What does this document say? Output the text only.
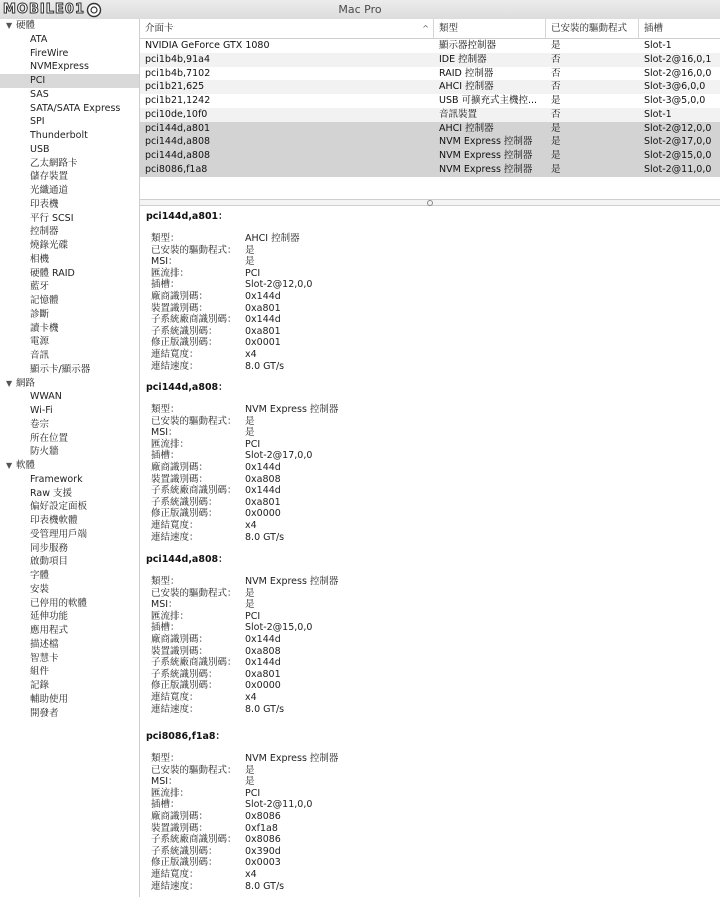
MOBILE01	Mac Pro
▼ 硬體
ATA
FireWire
NVMExpress
PCI
SAS
SATA/SATA Express
SPI
Thunderbolt
USB
乙太網路卡
儲存裝置
光纖通道
印表機
平行 SCSI
控制器
燒錄光碟
相機
硬體 RAID
藍牙
記憶體
診斷
讀卡機
電源
音訊
顯示卡/顯示器
▼ 網路
WWAN
Wi-Fi
卷宗
所在位置
防火牆
▼ 軟體
Framework
Raw 支援
偏好設定面板
印表機軟體
受管理用戶端
同步服務
啟動項目
字體
安裝
已停用的軟體
延伸功能
應用程式
描述檔
智慧卡
組件
記錄
輔助使用
開發者
介面卡	^	類型	已安裝的驅動程式	插槽
NVIDIA GeForce GTX 1080	顯示器控制器	是	Slot-1
pci1b4b,91a4	IDE 控制器	否	Slot-2@16,0,1
pci1b4b,7102	RAID 控制器	否	Slot-2@16,0,0
pci1b21,625	AHCI 控制器	否	Slot-3@6,0,0
pci1b21,1242	USB 可擴充式主機控...	是	Slot-3@5,0,0
pci10de,10f0	音訊裝置	否	Slot-1
pci144d,a801	AHCI 控制器	是	Slot-2@12,0,0
pci144d,a808	NVM Express 控制器	是	Slot-2@17,0,0
pci144d,a808	NVM Express 控制器	是	Slot-2@15,0,0
pci8086,f1a8	NVM Express 控制器	是	Slot-2@11,0,0
pci144d,a801：
類型：	AHCI 控制器
已安裝的驅動程式： 是
MSI：	是
匯流排：	PCI
插槽：	Slot-2@12,0,0
廠商識別碼：	0x144d
裝置識別碼：	0xa801
子系統廠商識別碼： 0x144d
子系統識別碼：	0xa801
修正版識別碼：	0x0001
連結寬度：	x4
連結速度：	8.0 GT/s
pci144d,a808：
類型：	NVM Express 控制器
已安裝的驅動程式： 是
MSI：	是
匯流排：	PCI
插槽：	Slot-2@17,0,0
廠商識別碼：	0x144d
裝置識別碼：	0xa808
子系統廠商識別碼： 0x144d
子系統識別碼：	0xa801
修正版識別碼：	0x0000
連結寬度：	x4
連結速度：	8.0 GT/s
pci144d,a808：
類型：	NVM Express 控制器
已安裝的驅動程式： 是
MSI：	是
匯流排：	PCI
插槽：	Slot-2@15,0,0
廠商識別碼：	0x144d
裝置識別碼：	0xa808
子系統廠商識別碼： 0x144d
子系統識別碼：	0xa801
修正版識別碼：	0x0000
連結寬度：	x4
連結速度：	8.0 GT/s
pci8086,f1a8：
類型：	NVM Express 控制器
已安裝的驅動程式： 是
MSI：	是
匯流排：	PCI
插槽：	Slot-2@11,0,0
廠商識別碼：	0x8086
裝置識別碼：	0xf1a8
子系統廠商識別碼： 0x8086
子系統識別碼：	0x390d
修正版識別碼：	0x0003
連結寬度：	x4
連結速度：	8.0 GT/s
